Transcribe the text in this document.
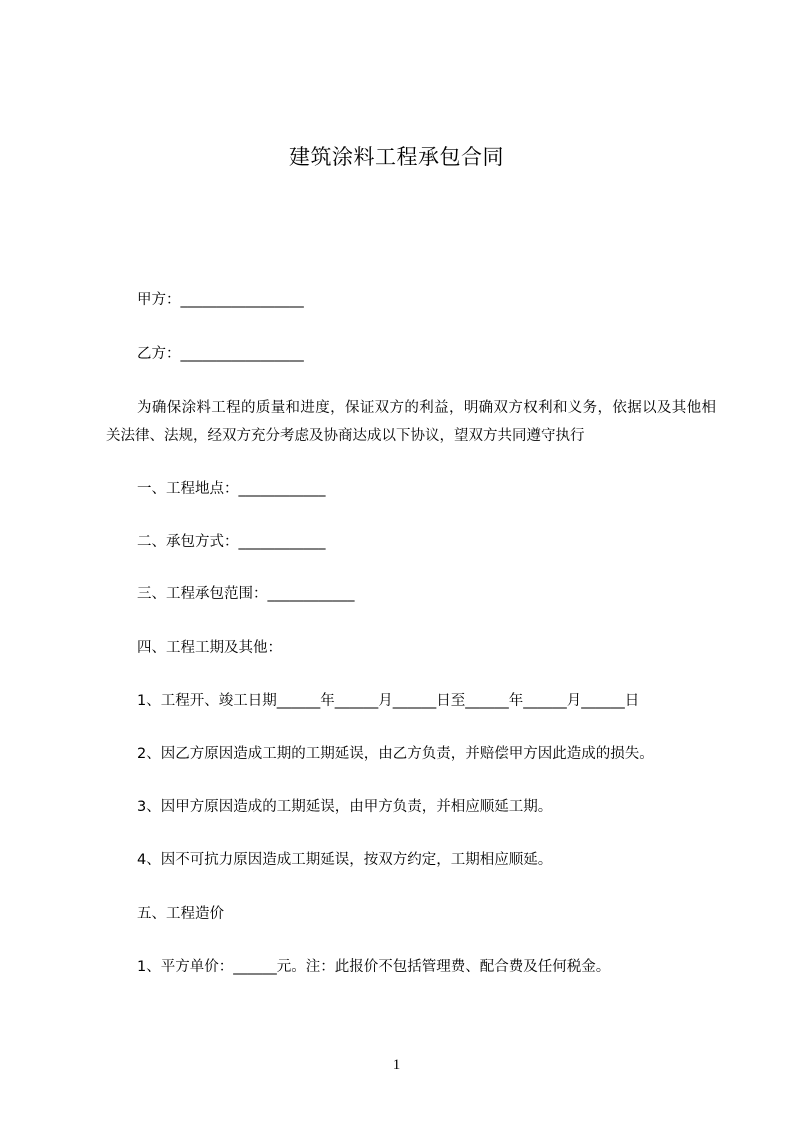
建筑涂料工程承包合同
甲方：_________________
乙方：_________________
为确保涂料工程的质量和进度，保证双方的利益，明确双方权利和义务，依据以及其他相关法律、法规，经双方充分考虑及协商达成以下协议，望双方共同遵守执行
一、工程地点：____________
二、承包方式：____________
三、工程承包范围：____________
四、工程工期及其他：
1、工程开、竣工日期______年______月______日至______年______月______日
2、因乙方原因造成工期的工期延误，由乙方负责，并赔偿甲方因此造成的损失。
3、因甲方原因造成的工期延误，由甲方负责，并相应顺延工期。
4、因不可抗力原因造成工期延误，按双方约定，工期相应顺延。
五、工程造价
1、平方单价：______元。注：此报价不包括管理费、配合费及任何税金。
1
